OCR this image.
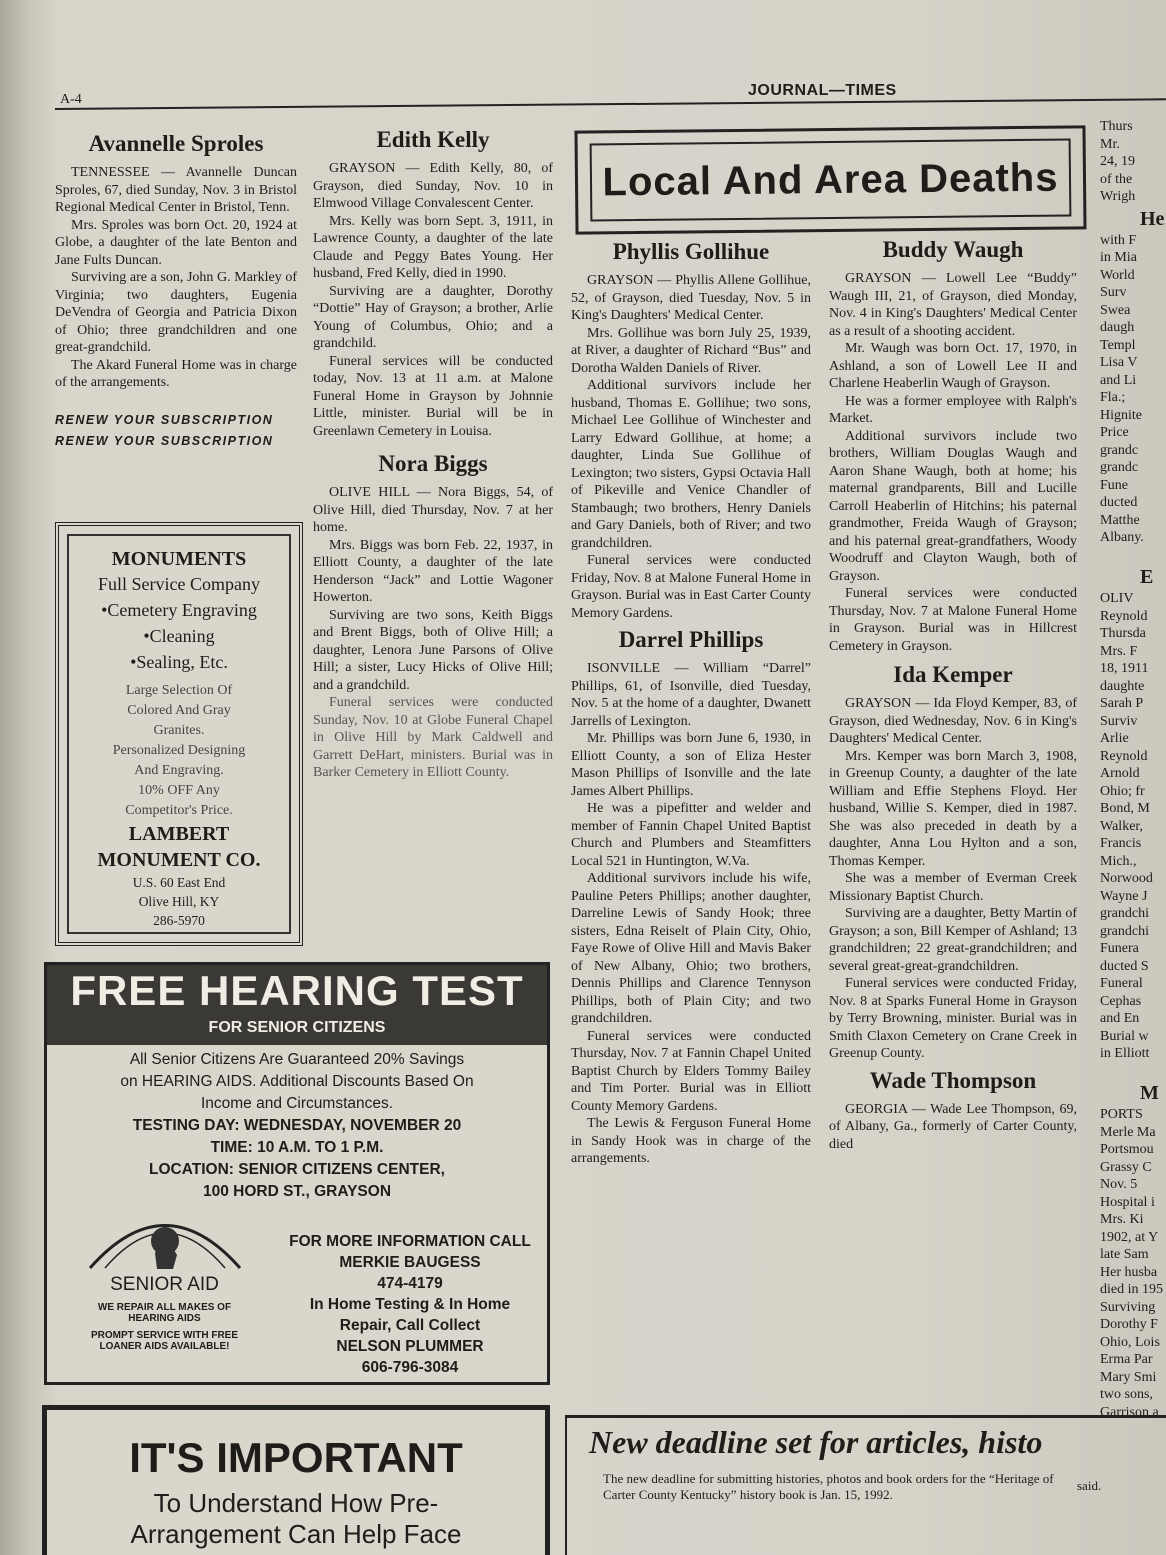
A-4
JOURNAL—TIMES
Avannelle Sproles

TENNESSEE — Avannelle Duncan Sproles, 67, died Sunday, Nov. 3 in Bristol Regional Medical Center in Bristol, Tenn.

Mrs. Sproles was born Oct. 20, 1924 at Globe, a daughter of the late Benton and Jane Fults Duncan.

Surviving are a son, John G. Markley of Virginia; two daughters, Eugenia DeVendra of Georgia and Patricia Dixon of Ohio; three grandchildren and one great-grandchild.

The Akard Funeral Home was in charge of the arrangements.

RENEW YOUR SUBSCRIPTION
RENEW YOUR SUBSCRIPTION
MONUMENTS
Full Service Company
•Cemetery Engraving
•Cleaning
•Sealing, Etc.
Large Selection Of
Colored And Gray
Granites.
Personalized Designing
And Engraving.
10% OFF Any
Competitor's Price.
LAMBERT
MONUMENT CO.
U.S. 60 East End
Olive Hill, KY
286-5970
Edith Kelly

GRAYSON — Edith Kelly, 80, of Grayson, died Sunday, Nov. 10 in Elmwood Village Convalescent Center.

Mrs. Kelly was born Sept. 3, 1911, in Lawrence County, a daughter of the late Claude and Peggy Bates Young. Her husband, Fred Kelly, died in 1990.

Surviving are a daughter, Dorothy “Dottie” Hay of Grayson; a brother, Arlie Young of Columbus, Ohio; and a grandchild.

Funeral services will be conducted today, Nov. 13 at 11 a.m. at Malone Funeral Home in Grayson by Johnnie Little, minister. Burial will be in Greenlawn Cemetery in Louisa.

Nora Biggs

OLIVE HILL — Nora Biggs, 54, of Olive Hill, died Thursday, Nov. 7 at her home.

Mrs. Biggs was born Feb. 22, 1937, in Elliott County, a daughter of the late Henderson “Jack” and Lottie Wagoner Howerton.

Surviving are two sons, Keith Biggs and Brent Biggs, both of Olive Hill; a daughter, Lenora June Parsons of Olive Hill; a sister, Lucy Hicks of Olive Hill; and a grandchild.

Funeral services were conducted Sunday, Nov. 10 at Globe Funeral Chapel in Olive Hill by Mark Caldwell and Garrett DeHart, ministers. Burial was in Barker Cemetery in Elliott County.

FREE HEARING TEST
FOR SENIOR CITIZENS
All Senior Citizens Are Guaranteed 20% Savings
on HEARING AIDS. Additional Discounts Based On
Income and Circumstances.
TESTING DAY: WEDNESDAY, NOVEMBER 20
TIME: 10 A.M. TO 1 P.M.
LOCATION: SENIOR CITIZENS CENTER,
100 HORD ST., GRAYSON
SENIOR AID
WE REPAIR ALL MAKES OF
HEARING AIDS
PROMPT SERVICE WITH FREE
LOANER AIDS AVAILABLE!
FOR MORE INFORMATION CALL
MERKIE BAUGESS
474-4179
In Home Testing & In Home
Repair, Call Collect
NELSON PLUMMER
606-796-3084
IT'S IMPORTANT
To Understand How Pre-
Arrangement Can Help Face
Local And Area Deaths
Phyllis Gollihue

GRAYSON — Phyllis Allene Gollihue, 52, of Grayson, died Tuesday, Nov. 5 in King's Daughters' Medical Center.

Mrs. Gollihue was born July 25, 1939, at River, a daughter of Richard “Bus” and Dorotha Walden Daniels of River.

Additional survivors include her husband, Thomas E. Gollihue; two sons, Michael Lee Gollihue of Winchester and Larry Edward Gollihue, at home; a daughter, Linda Sue Gollihue of Lexington; two sisters, Gypsi Octavia Hall of Pikeville and Venice Chandler of Stambaugh; two brothers, Henry Daniels and Gary Daniels, both of River; and two grandchildren.

Funeral services were conducted Friday, Nov. 8 at Malone Funeral Home in Grayson. Burial was in East Carter County Memory Gardens.

Darrel Phillips

ISONVILLE — William “Darrel” Phillips, 61, of Isonville, died Tuesday, Nov. 5 at the home of a daughter, Dwanett Jarrells of Lexington.

Mr. Phillips was born June 6, 1930, in Elliott County, a son of Eliza Hester Mason Phillips of Isonville and the late James Albert Phillips.

He was a pipefitter and welder and member of Fannin Chapel United Baptist Church and Plumbers and Steamfitters Local 521 in Huntington, W.Va.

Additional survivors include his wife, Pauline Peters Phillips; another daughter, Darreline Lewis of Sandy Hook; three sisters, Edna Reiselt of Plain City, Ohio, Faye Rowe of Olive Hill and Mavis Baker of New Albany, Ohio; two brothers, Dennis Phillips and Clarence Tennyson Phillips, both of Plain City; and two grandchildren.

Funeral services were conducted Thursday, Nov. 7 at Fannin Chapel United Baptist Church by Elders Tommy Bailey and Tim Porter. Burial was in Elliott County Memory Gardens.

The Lewis & Ferguson Funeral Home in Sandy Hook was in charge of the arrangements.

Buddy Waugh

GRAYSON — Lowell Lee “Buddy” Waugh III, 21, of Grayson, died Monday, Nov. 4 in King's Daughters' Medical Center as a result of a shooting accident.

Mr. Waugh was born Oct. 17, 1970, in Ashland, a son of Lowell Lee II and Charlene Heaberlin Waugh of Grayson.

He was a former employee with Ralph's Market.

Additional survivors include two brothers, William Douglas Waugh and Aaron Shane Waugh, both at home; his maternal grandparents, Bill and Lucille Carroll Heaberlin of Hitchins; his paternal grandmother, Freida Waugh of Grayson; and his paternal great-grandfathers, Woody Woodruff and Clayton Waugh, both of Grayson.

Funeral services were conducted Thursday, Nov. 7 at Malone Funeral Home in Grayson. Burial was in Hillcrest Cemetery in Grayson.

Ida Kemper

GRAYSON — Ida Floyd Kemper, 83, of Grayson, died Wednesday, Nov. 6 in King's Daughters' Medical Center.

Mrs. Kemper was born March 3, 1908, in Greenup County, a daughter of the late William and Effie Stephens Floyd. Her husband, Willie S. Kemper, died in 1987. She was also preceded in death by a daughter, Anna Lou Hylton and a son, Thomas Kemper.

She was a member of Everman Creek Missionary Baptist Church.

Surviving are a daughter, Betty Martin of Grayson; a son, Bill Kemper of Ashland; 13 grandchildren; 22 great-grandchildren; and several great-great-grandchildren.

Funeral services were conducted Friday, Nov. 8 at Sparks Funeral Home in Grayson by Terry Browning, minister. Burial was in Smith Claxon Cemetery on Crane Creek in Greenup County.

Wade Thompson

GEORGIA — Wade Lee Thompson, 69, of Albany, Ga., formerly of Carter County, died

Thurs
Mr.
24, 19
of the
Wrigh
He
with F
in Mia
World
Surv
Swea
daugh
Templ
Lisa V
and Li
Fla.;
Hignite
Price
grandc
grandc
Fune
ducted
Matthe
Albany.

E
OLIV
Reynold
Thursda
Mrs. F
18, 1911
daughte
Sarah P
Surviv
Arlie
Reynold
Arnold
Ohio; fr
Bond, M
Walker,
Francis
Mich.,
Norwood
Wayne J
grandchi
grandchi
Funera
ducted S
Funeral
Cephas
and En
Burial w
in Elliott

M
PORTS
Merle Ma
Portsmou
Grassy C
Nov. 5
Hospital i
Mrs. Ki
1902, at Y
late Sam
Her husba
died in 195
Surviving
Dorothy F
Ohio, Lois
Erma Par
Mary Smi
two sons,
Garrison a
New deadline set for articles, histo
The new deadline for submitting histories, photos and book orders for the “Heritage of Carter County Kentucky” history book is Jan. 15, 1992.
said.
